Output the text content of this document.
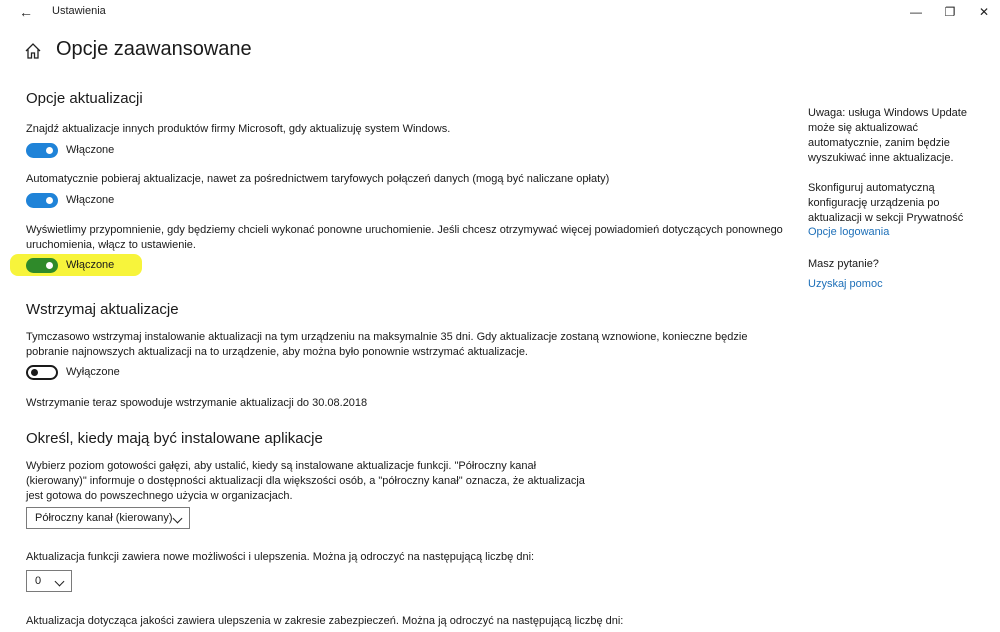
← Ustawienia	—	❐	✕
Opcje zaawansowane
Opcje aktualizacji

Znajdź aktualizacje innych produktów firmy Microsoft, gdy aktualizuję system Windows.

Włączone

Automatycznie pobieraj aktualizacje, nawet za pośrednictwem taryfowych połączeń danych (mogą być naliczane opłaty)

Włączone

Wyświetlimy przypomnienie, gdy będziemy chcieli wykonać ponowne uruchomienie. Jeśli chcesz otrzymywać więcej powiadomień dotyczących ponownego uruchomienia, włącz to ustawienie.

Włączone
Wstrzymaj aktualizacje

Tymczasowo wstrzymaj instalowanie aktualizacji na tym urządzeniu na maksymalnie 35 dni. Gdy aktualizacje zostaną wznowione, konieczne będzie pobranie najnowszych aktualizacji na to urządzenie, aby można było ponownie wstrzymać aktualizacje.

Wyłączone

Wstrzymanie teraz spowoduje wstrzymanie aktualizacji do 30.08.2018

Określ, kiedy mają być instalowane aplikacje

Wybierz poziom gotowości gałęzi, aby ustalić, kiedy są instalowane aktualizacje funkcji. "Półroczny kanał (kierowany)" informuje o dostępności aktualizacji dla większości osób, a "półroczny kanał" oznacza, że aktualizacja jest gotowa do powszechnego użycia w organizacjach.

Półroczny kanał (kierowany)

Aktualizacja funkcji zawiera nowe możliwości i ulepszenia. Można ją odroczyć na następującą liczbę dni:

0

Aktualizacja dotycząca jakości zawiera ulepszenia w zakresie zabezpieczeń. Można ją odroczyć na następującą liczbę dni:

Uwaga: usługa Windows Update może się aktualizować automatycznie, zanim będzie wyszukiwać inne aktualizacje.

Skonfiguruj automatyczną konfigurację urządzenia po aktualizacji w sekcji Prywatność

Opcje logowania

Masz pytanie?

Uzyskaj pomoc
